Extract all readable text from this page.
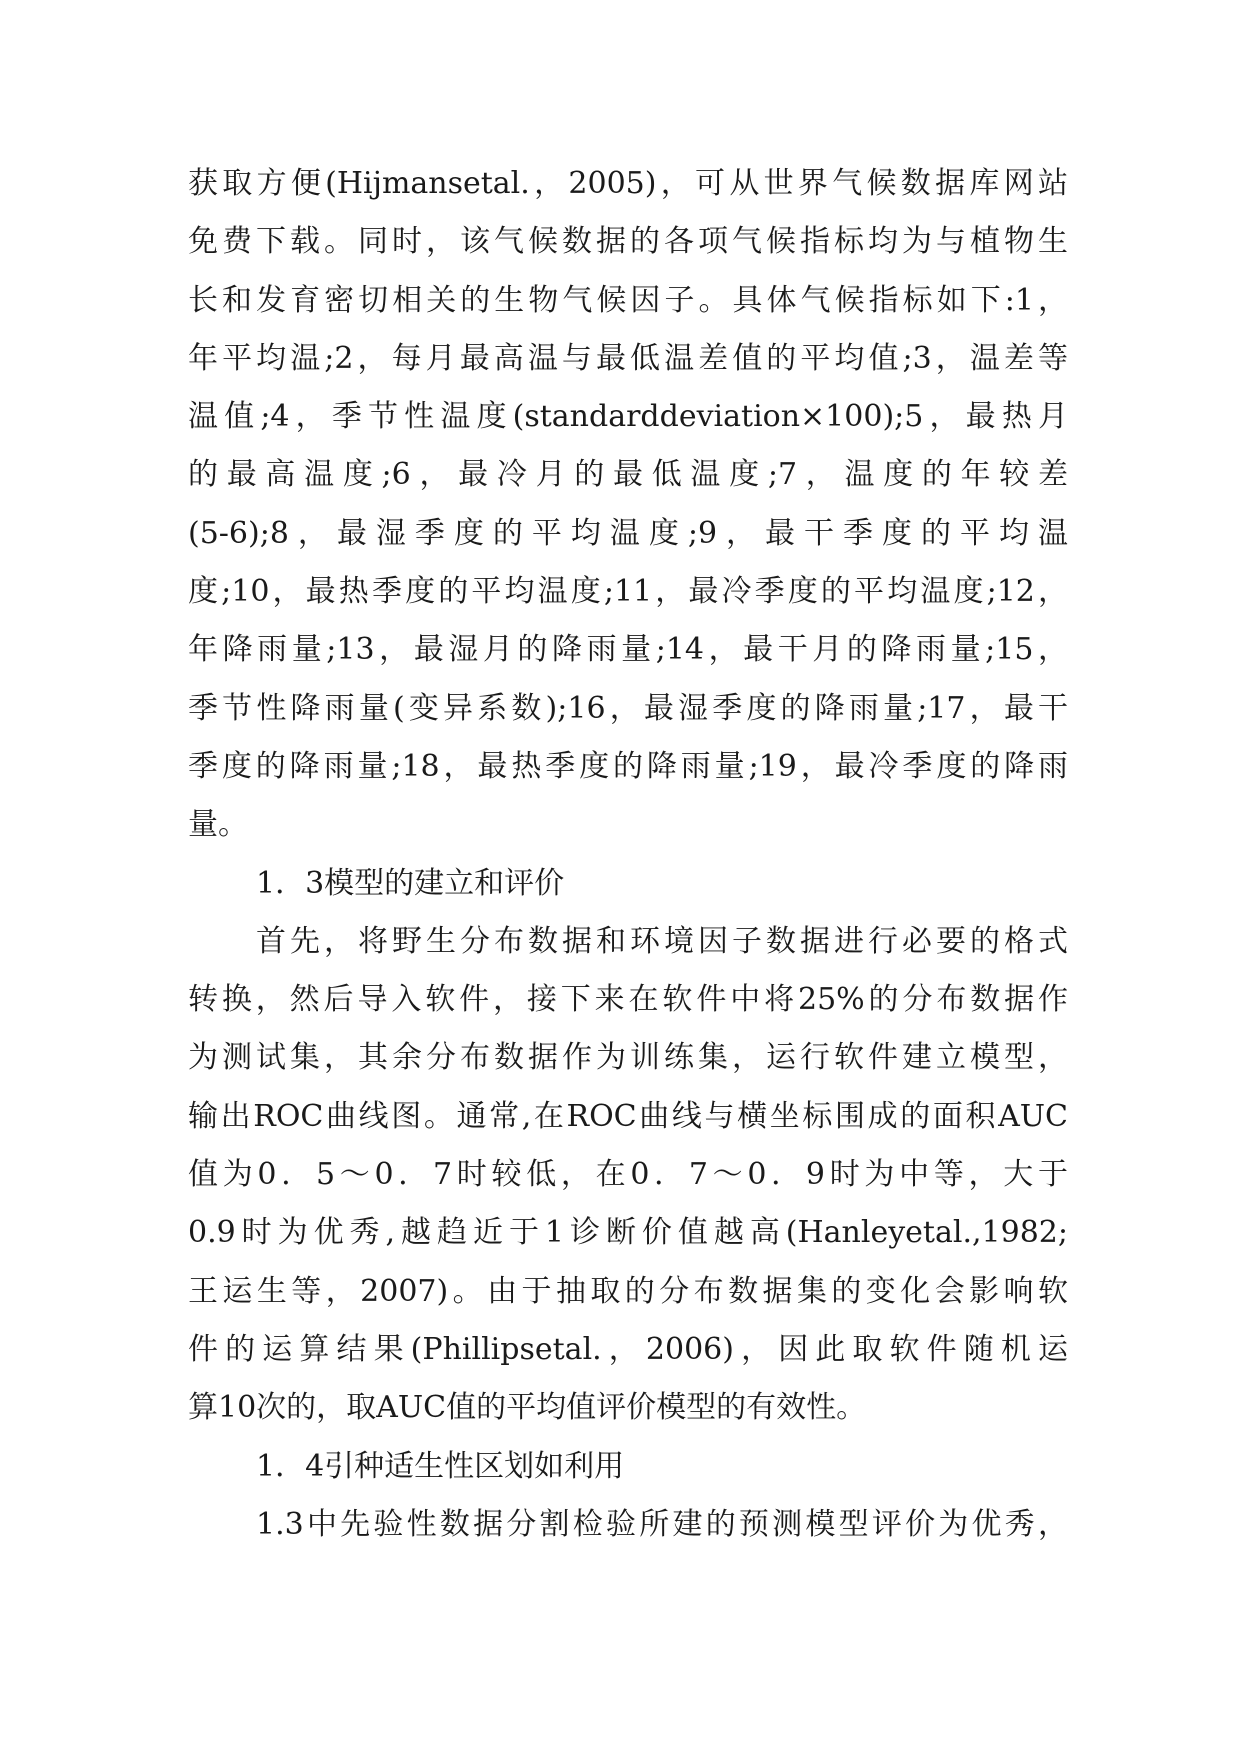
获取方便(Hijmansetal.，2005)，可从世界气候数据库网站
免费下载。同时，该气候数据的各项气候指标均为与植物生
长和发育密切相关的生物气候因子。具体气候指标如下:1，
年平均温;2，每月最高温与最低温差值的平均值;3，温差等
温值;4，季节性温度(standarddeviation×100);5，最热月
的最高温度;6，最冷月的最低温度;7，温度的年较差
(5-6);8，最湿季度的平均温度;9，最干季度的平均温
度;10，最热季度的平均温度;11，最冷季度的平均温度;12，
年降雨量;13，最湿月的降雨量;14，最干月的降雨量;15，
季节性降雨量(变异系数);16，最湿季度的降雨量;17，最干
季度的降雨量;18，最热季度的降雨量;19，最冷季度的降雨
量。
1．3模型的建立和评价
首先，将野生分布数据和环境因子数据进行必要的格式
转换，然后导入软件，接下来在软件中将25%的分布数据作
为测试集，其余分布数据作为训练集，运行软件建立模型，
输出ROC曲线图。通常,在ROC曲线与横坐标围成的面积AUC
值为0．5～0．7时较低，在0．7～0．9时为中等，大于
0.9时为优秀,越趋近于1诊断价值越高(Hanleyetal.,1982;
王运生等，2007)。由于抽取的分布数据集的变化会影响软
件的运算结果(Phillipsetal.，2006)，因此取软件随机运
算10次的，取AUC值的平均值评价模型的有效性。
1．4引种适生性区划如利用
1.3中先验性数据分割检验所建的预测模型评价为优秀，
